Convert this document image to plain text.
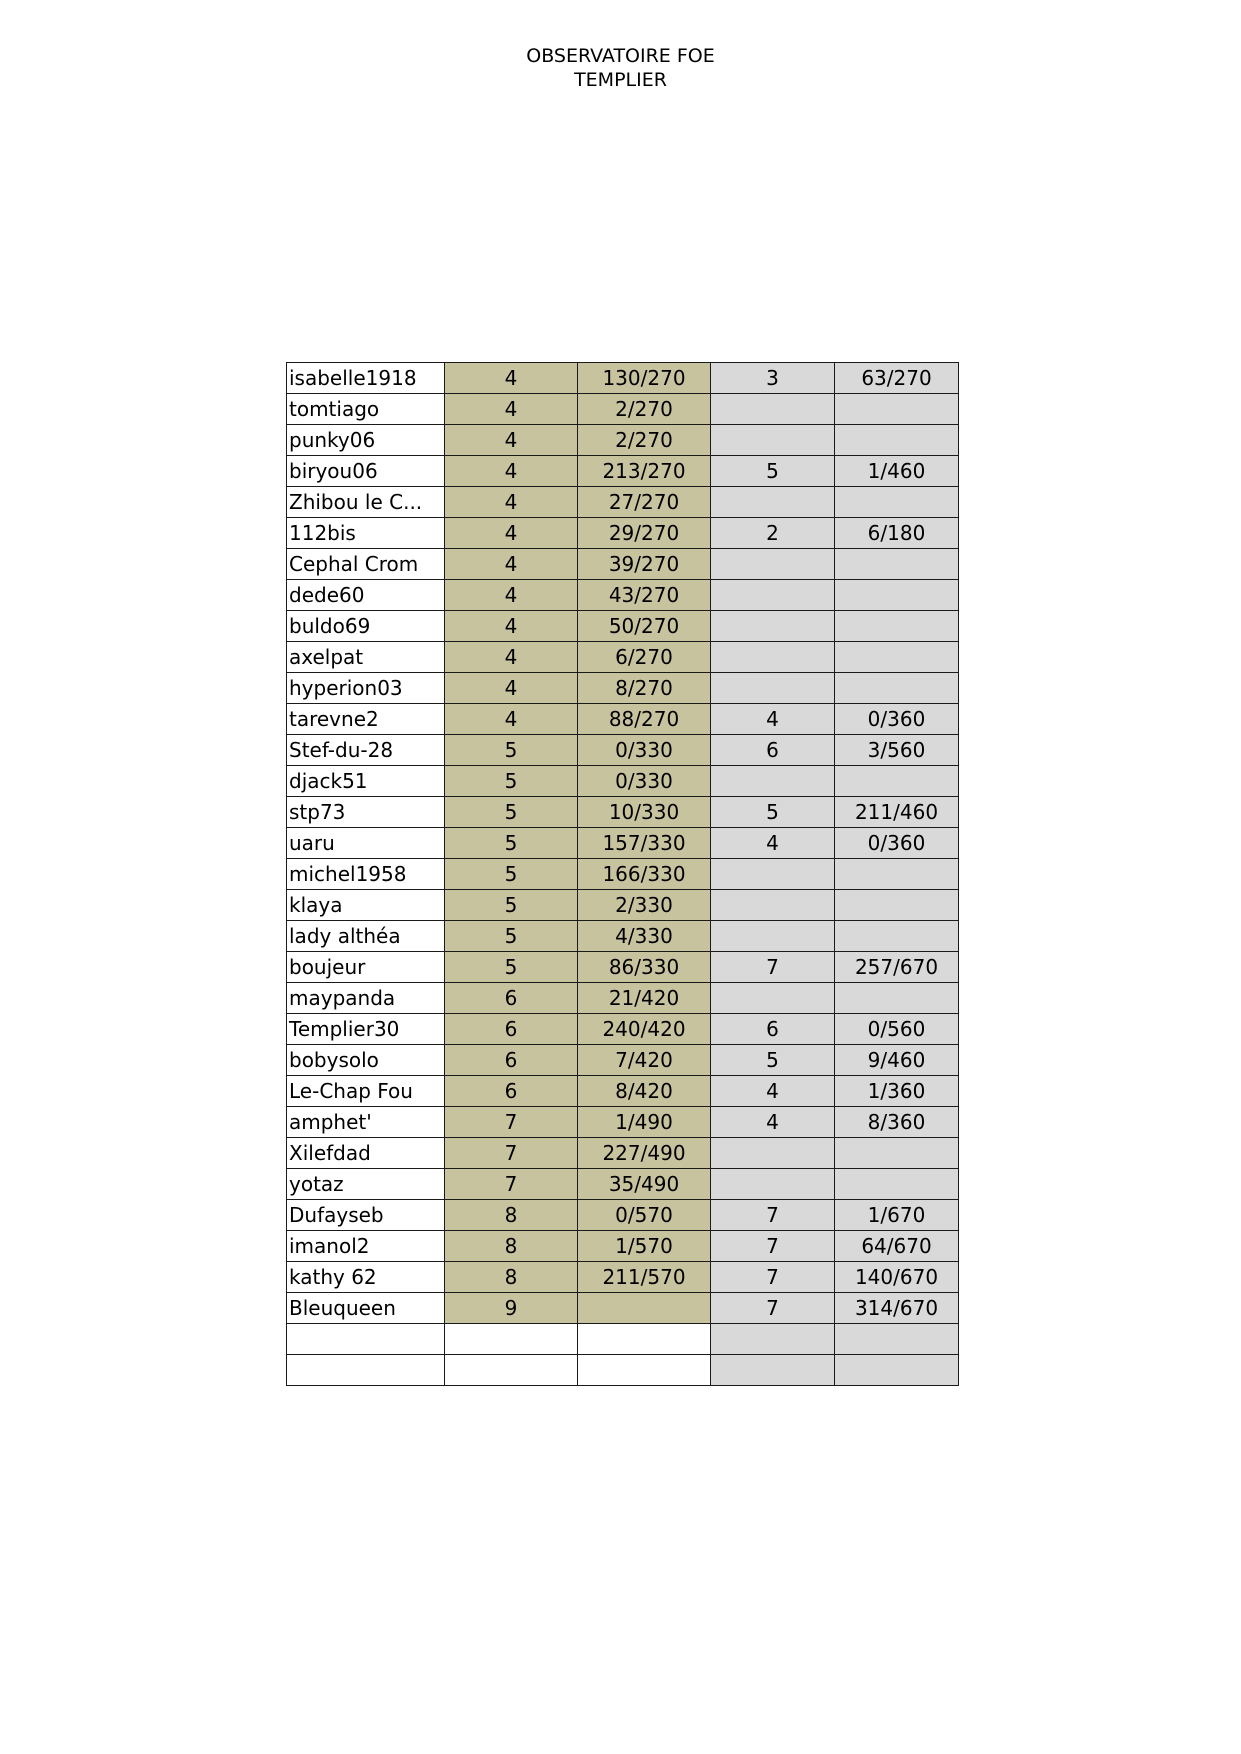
OBSERVATOIRE FOE
TEMPLIER
isabelle1918	4	130/270	3	63/270
tomtiago	4	2/270		
punky06	4	2/270		
biryou06	4	213/270	5	1/460
Zhibou le C...	4	27/270		
112bis	4	29/270	2	6/180
Cephal Crom	4	39/270		
dede60	4	43/270		
buldo69	4	50/270		
axelpat	4	6/270		
hyperion03	4	8/270		
tarevne2	4	88/270	4	0/360
Stef-du-28	5	0/330	6	3/560
djack51	5	0/330		
stp73	5	10/330	5	211/460
uaru	5	157/330	4	0/360
michel1958	5	166/330		
klaya	5	2/330		
lady althéa	5	4/330		
boujeur	5	86/330	7	257/670
maypanda	6	21/420		
Templier30	6	240/420	6	0/560
bobysolo	6	7/420	5	9/460
Le-Chap Fou	6	8/420	4	1/360
amphet'	7	1/490	4	8/360
Xilefdad	7	227/490		
yotaz	7	35/490		
Dufayseb	8	0/570	7	1/670
imanol2	8	1/570	7	64/670
kathy 62	8	211/570	7	140/670
Bleuqueen	9		7	314/670
